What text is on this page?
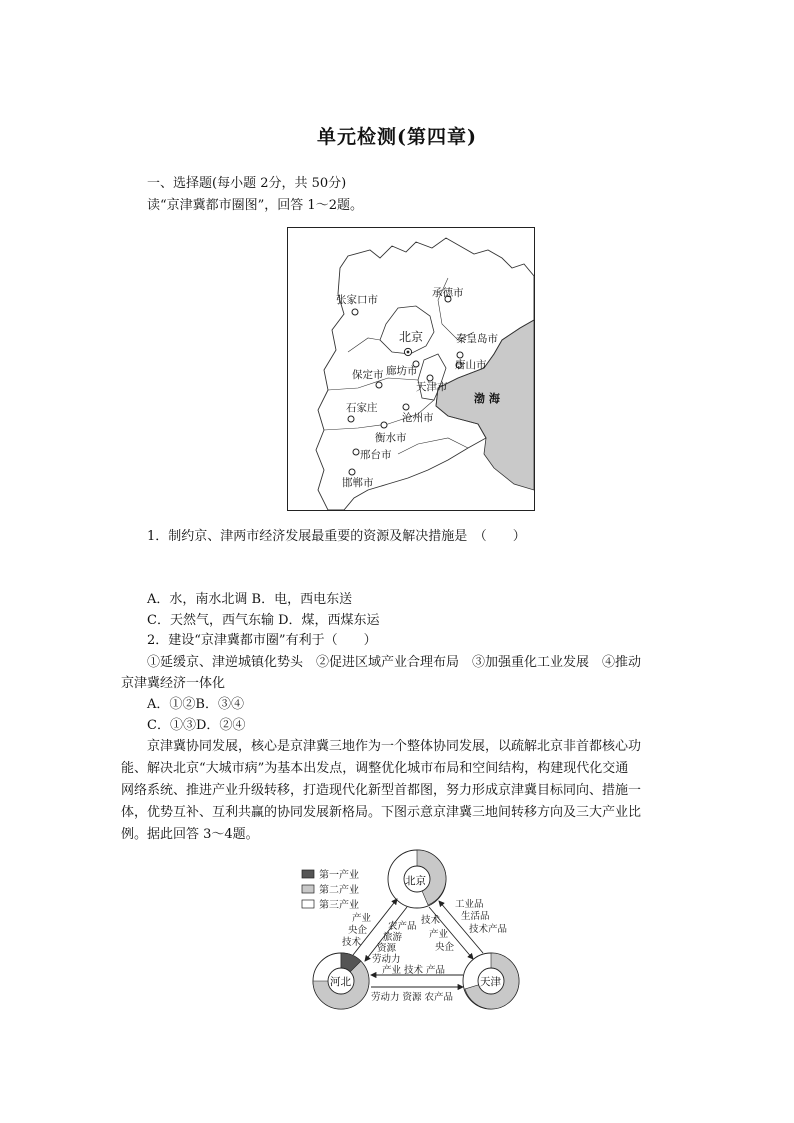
单元检测(第四章)
一、选择题(每小题 2分，共 50分)
读“京津冀都市圈图”，回答 1～2题。
张家口市
承德市
北京	秦皇岛市
唐山市
廊坊市
保定市
天津市
石家庄
沧州市
衡水市
邢台市
邯郸市
渤 海
1．制约京、津两市经济发展最重要的资源及解决措施是　（　　）
A．水，南水北调 B．电，西电东送
C．天然气，西气东输 D．煤，西煤东运
2．建设“京津冀都市圈”有利于（　　）
①延缓京、津逆城镇化势头　②促进区域产业合理布局　③加强重化工业发展　④推动
京津冀经济一体化
A．①②B．③④
C．①③D．②④
京津冀协同发展，核心是京津冀三地作为一个整体协同发展，以疏解北京非首都核心功
能、解决北京“大城市病”为基本出发点，调整优化城市布局和空间结构，构建现代化交通
网络系统、推进产业升级转移，打造现代化新型首都图，努力形成京津冀目标同向、措施一
体，优势互补、互利共赢的协同发展新格局。下图示意京津冀三地间转移方向及三大产业比
例。据此回答 3～4题。
第一产业
第二产业
第三产业
北京
河北	天津
产业
央企
技术
农产品
旅游
资源
劳动力
技术
产业
央企
工业品
生活品
技术产品
产业 技术 产品
劳动力 资源 农产品
